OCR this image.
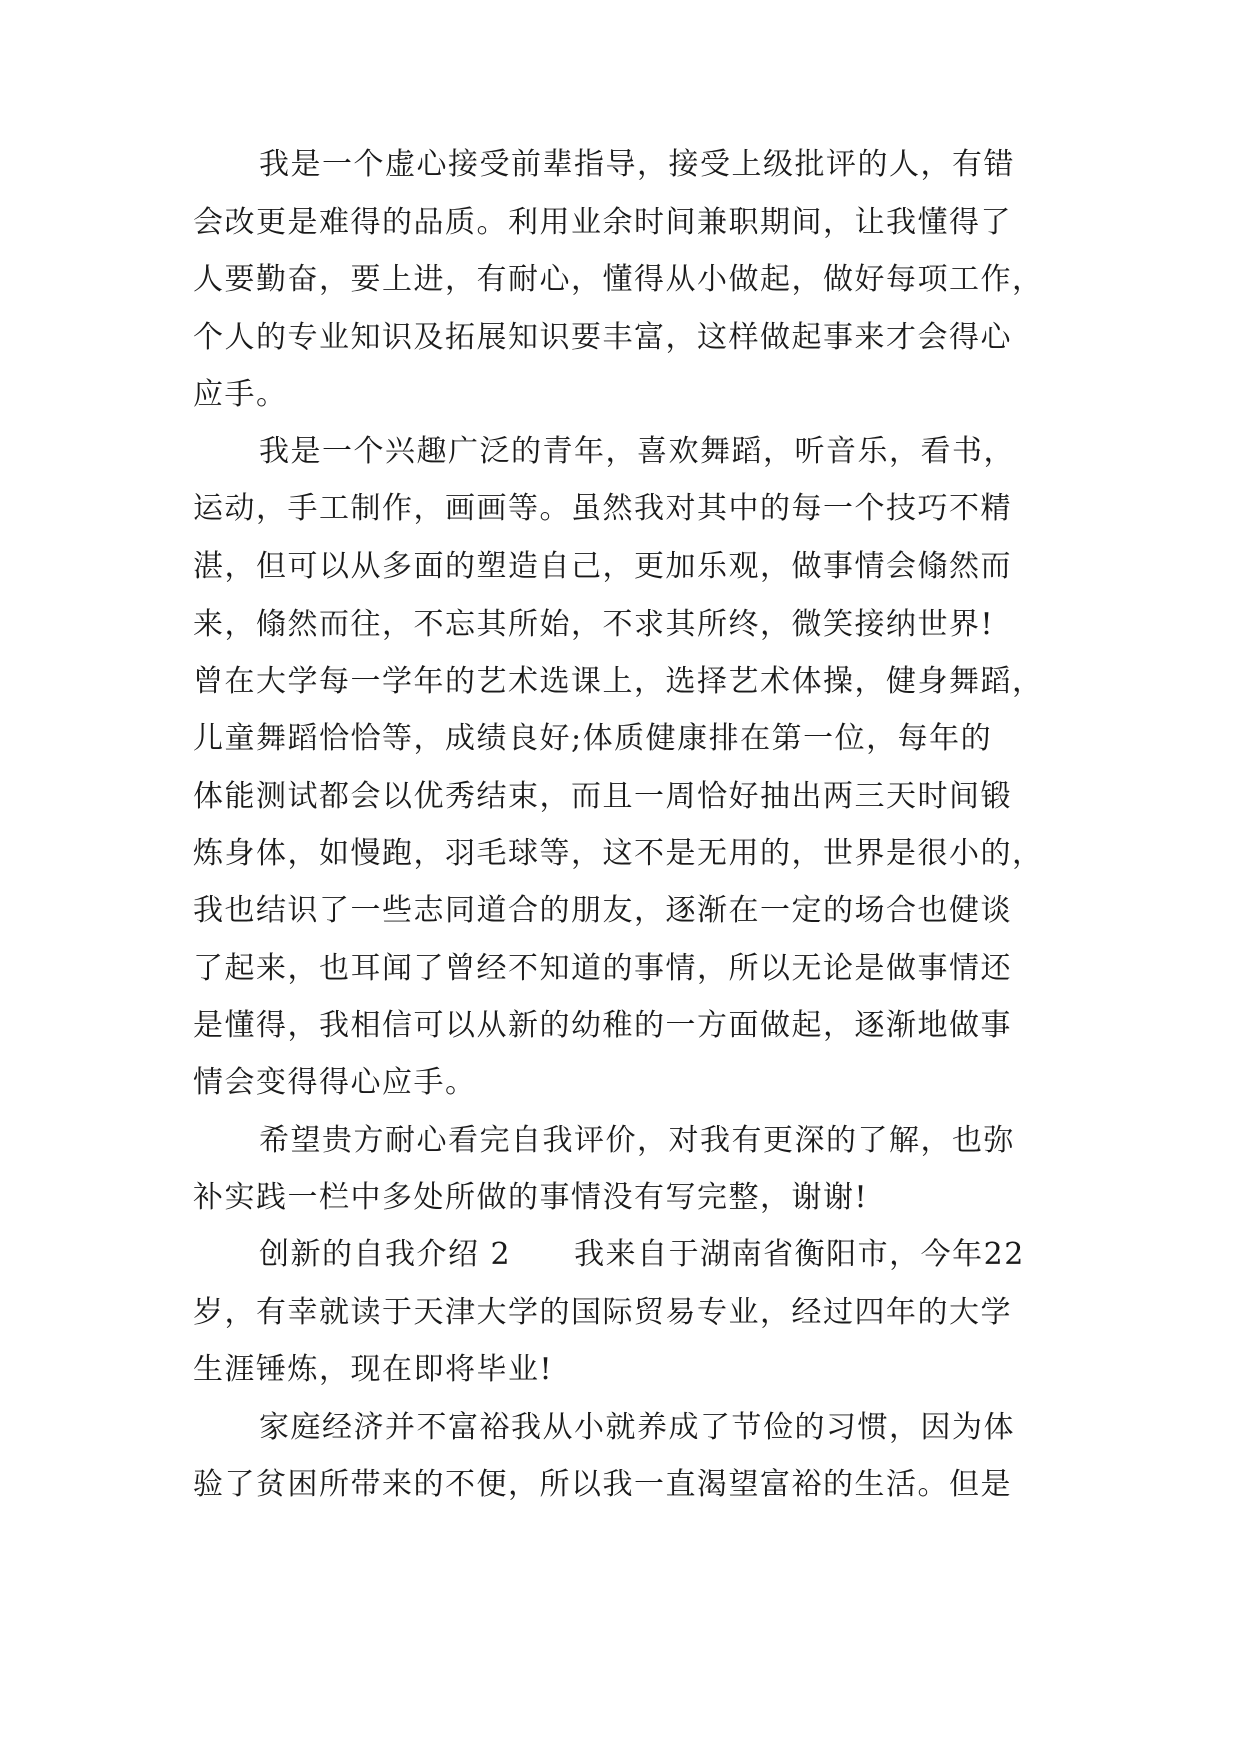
我是一个虚心接受前辈指导，接受上级批评的人，有错
会改更是难得的品质。利用业余时间兼职期间，让我懂得了
人要勤奋，要上进，有耐心，懂得从小做起，做好每项工作，
个人的专业知识及拓展知识要丰富，这样做起事来才会得心
应手。
我是一个兴趣广泛的青年，喜欢舞蹈，听音乐，看书，
运动，手工制作，画画等。虽然我对其中的每一个技巧不精
湛，但可以从多面的塑造自己，更加乐观，做事情会翛然而
来，翛然而往，不忘其所始，不求其所终，微笑接纳世界!
曾在大学每一学年的艺术选课上，选择艺术体操，健身舞蹈，
儿童舞蹈恰恰等，成绩良好;体质健康排在第一位，每年的
体能测试都会以优秀结束，而且一周恰好抽出两三天时间锻
炼身体，如慢跑，羽毛球等，这不是无用的，世界是很小的，
我也结识了一些志同道合的朋友，逐渐在一定的场合也健谈
了起来，也耳闻了曾经不知道的事情，所以无论是做事情还
是懂得，我相信可以从新的幼稚的一方面做起，逐渐地做事
情会变得得心应手。
希望贵方耐心看完自我评价，对我有更深的了解，也弥
补实践一栏中多处所做的事情没有写完整，谢谢!
创新的自我介绍 2　　我来自于湖南省衡阳市，今年22
岁，有幸就读于天津大学的国际贸易专业，经过四年的大学
生涯锤炼，现在即将毕业!
家庭经济并不富裕我从小就养成了节俭的习惯，因为体
验了贫困所带来的不便，所以我一直渴望富裕的生活。但是
